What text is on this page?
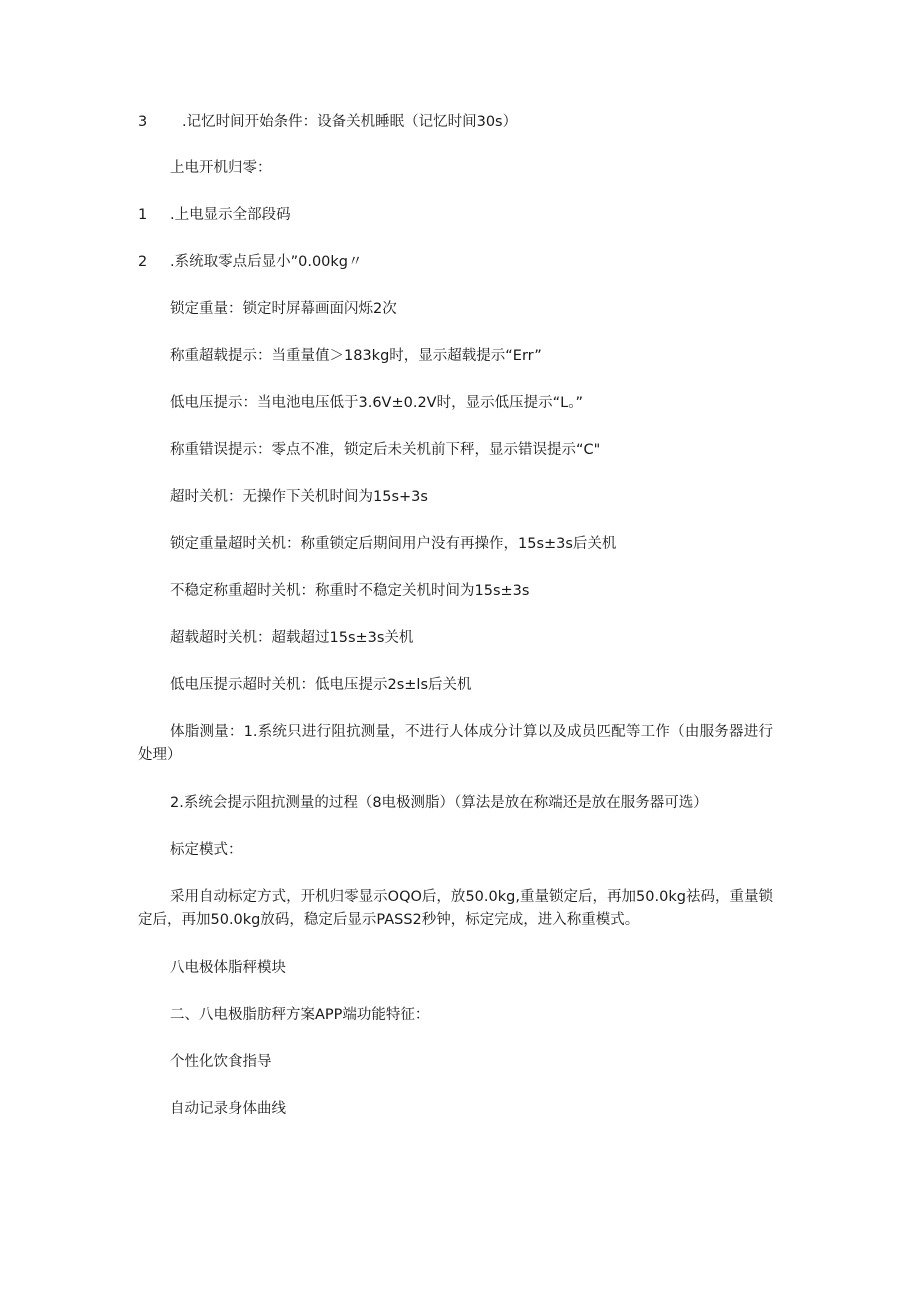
3 .记忆时间开始条件：设备关机睡眠（记忆时间30s）
上电开机归零：
1 .上电显示全部段码
2 .系统取零点后显小”0.00kg〃
锁定重量：锁定时屏幕画面闪烁2次
称重超载提示：当重量值＞183kg时，显示超载提示“Err”
低电压提示：当电池电压低于3.6V±0.2V时，显示低压提示“L。”
称重错误提示：零点不准，锁定后未关机前下秤，显示错误提示“C"
超时关机：无操作下关机时间为15s+3s
锁定重量超时关机：称重锁定后期间用户没有再操作，15s±3s后关机
不稳定称重超时关机：称重时不稳定关机时间为15s±3s
超载超时关机：超载超过15s±3s关机
低电压提示超时关机：低电压提示2s±ls后关机
体脂测量：1.系统只进行阻抗测量，不进行人体成分计算以及成员匹配等工作（由服务器进行处理）
2.系统会提示阻抗测量的过程（8电极测脂）（算法是放在称端还是放在服务器可选）
标定模式：
采用自动标定方式，开机归零显示OQO后，放50.0kg,重量锁定后，再加50.0kg祛码，重量锁定后，再加50.0kg放码，稳定后显示PASS2秒钟，标定完成，进入称重模式。
八电极体脂秤模块
二、八电极脂肪秤方案APP端功能特征：
个性化饮食指导
自动记录身体曲线
